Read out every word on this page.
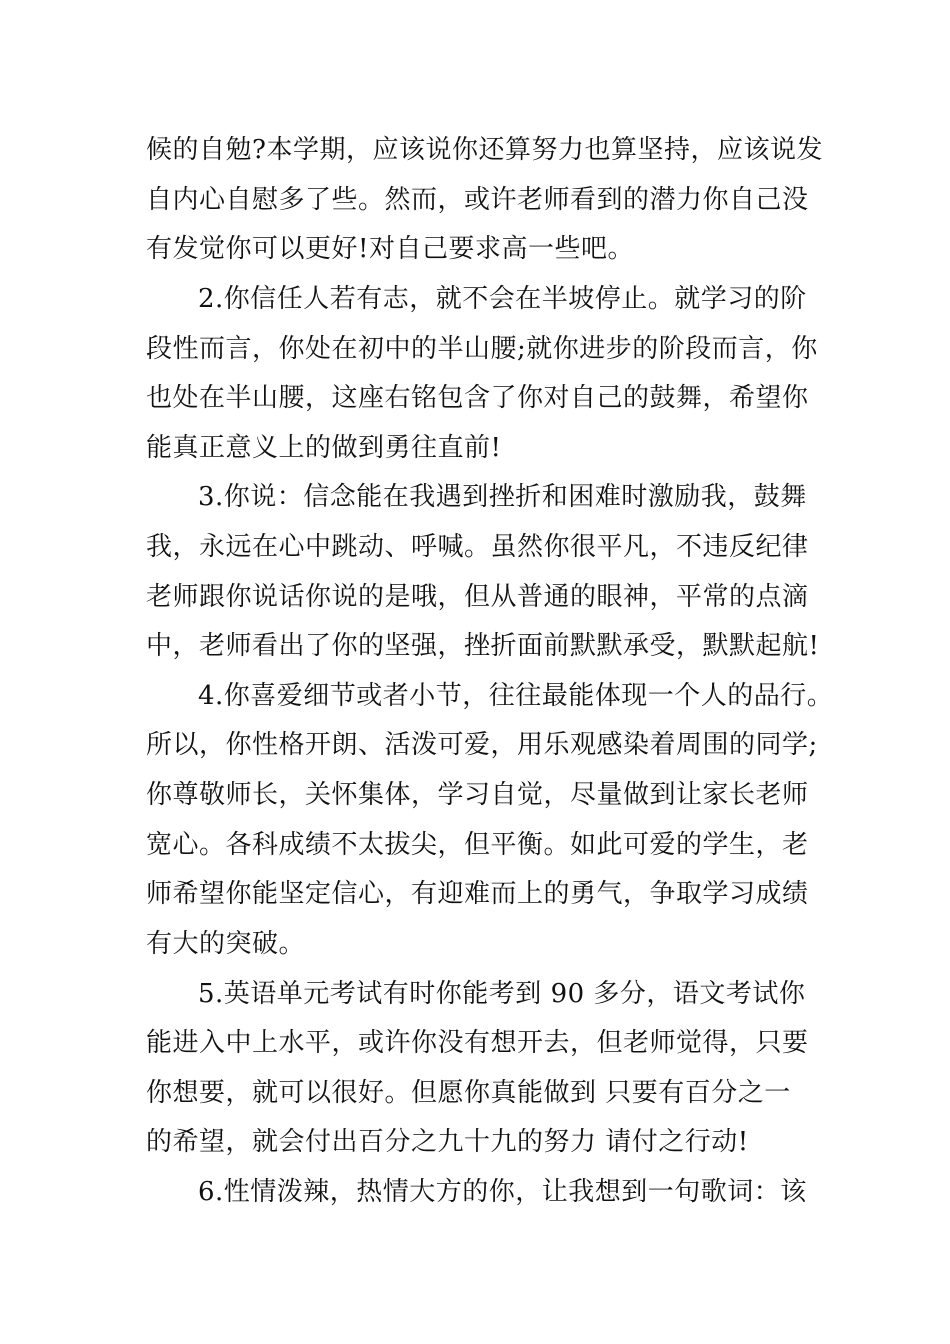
候的自勉?本学期，应该说你还算努力也算坚持，应该说发
自内心自慰多了些。然而，或许老师看到的潜力你自己没
有发觉你可以更好!对自己要求高一些吧。
2.你信任人若有志，就不会在半坡停止。就学习的阶
段性而言，你处在初中的半山腰;就你进步的阶段而言，你
也处在半山腰，这座右铭包含了你对自己的鼓舞，希望你
能真正意义上的做到勇往直前!
3.你说：信念能在我遇到挫折和困难时激励我，鼓舞
我，永远在心中跳动、呼喊。虽然你很平凡，不违反纪律
老师跟你说话你说的是哦，但从普通的眼神，平常的点滴
中，老师看出了你的坚强，挫折面前默默承受，默默起航!
4.你喜爱细节或者小节，往往最能体现一个人的品行。
所以，你性格开朗、活泼可爱，用乐观感染着周围的同学;
你尊敬师长，关怀集体，学习自觉，尽量做到让家长老师
宽心。各科成绩不太拔尖，但平衡。如此可爱的学生，老
师希望你能坚定信心，有迎难而上的勇气，争取学习成绩
有大的突破。
5.英语单元考试有时你能考到 90 多分，语文考试你
能进入中上水平，或许你没有想开去，但老师觉得，只要
你想要，就可以很好。但愿你真能做到 只要有百分之一
的希望，就会付出百分之九十九的努力 请付之行动!
6.性情泼辣，热情大方的你，让我想到一句歌词：该
